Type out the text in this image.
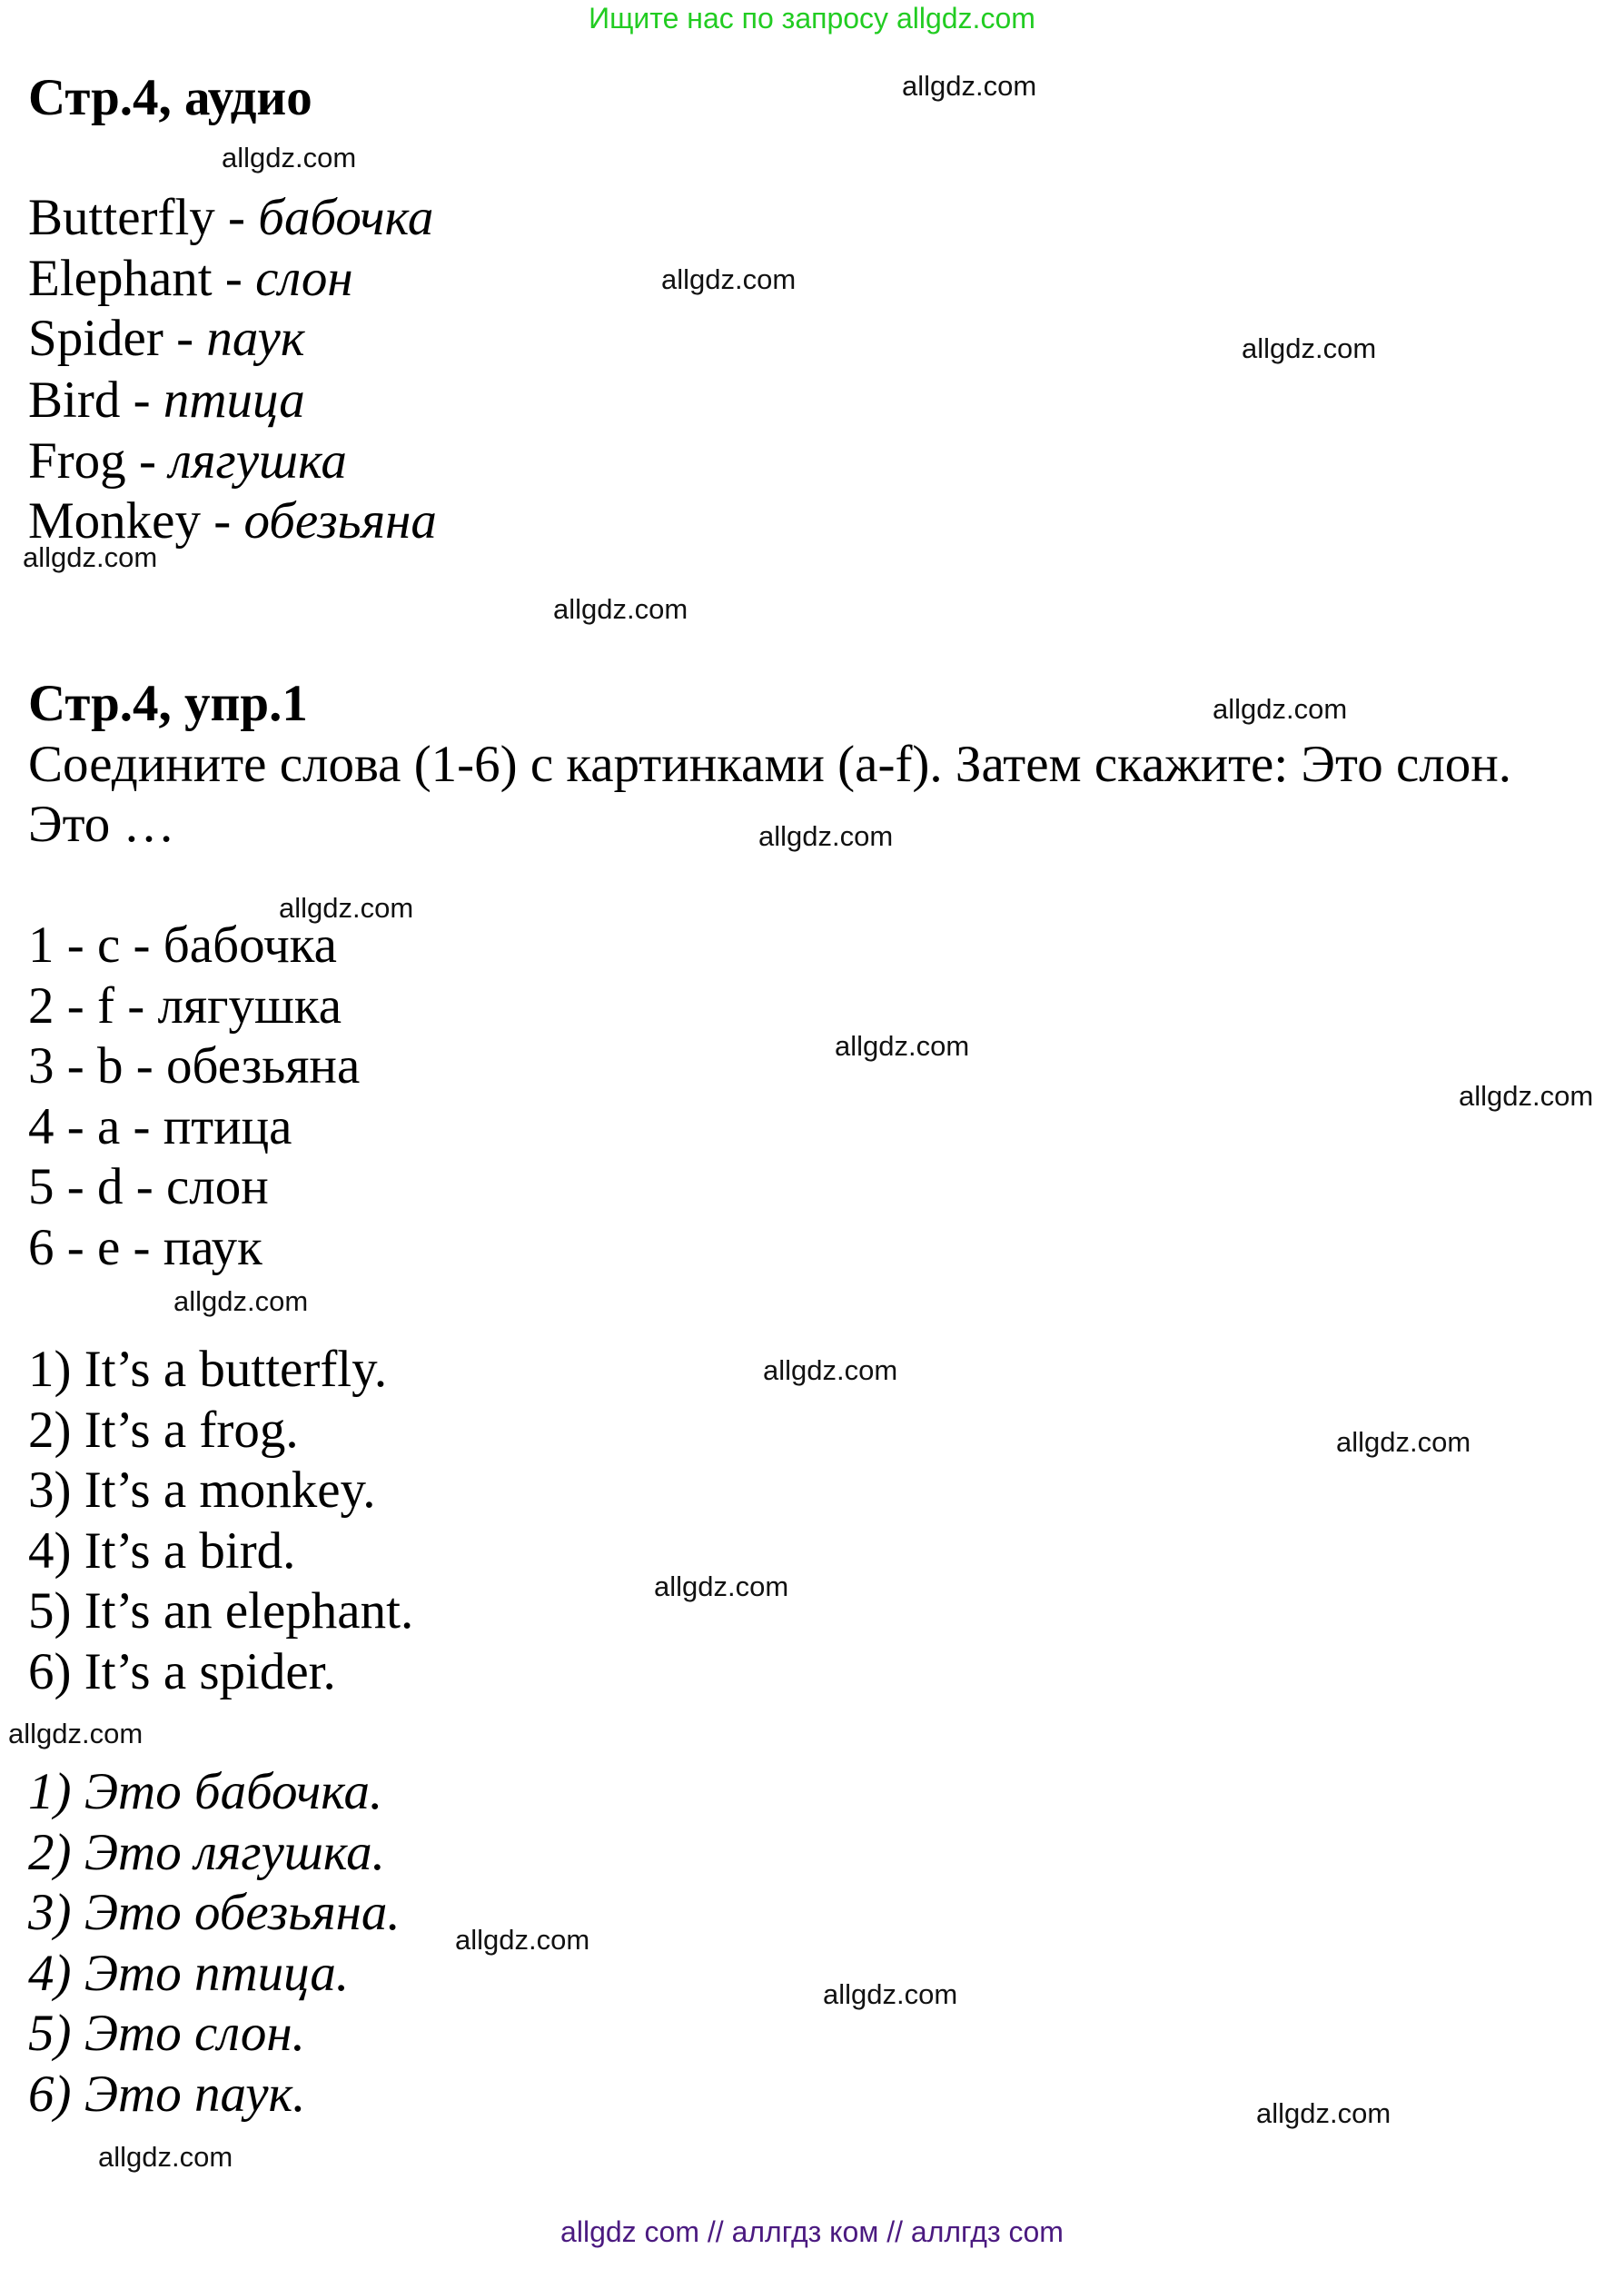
Ищите нас по запросу allgdz.com
Стр.4, аудио
Butterfly - бабочка
Elephant - слон
Spider - паук
Bird - птица
Frog - лягушка
Monkey - обезьяна
Стр.4, упр.1
Соедините слова (1-6) с картинками (a-f). Затем скажите: Это слон.
Это …
1 - c - бабочка
2 - f - лягушка
3 - b - обезьяна
4 - a - птица
5 - d - слон
6 - e - паук
1) It’s a butterfly.
2) It’s a frog.
3) It’s a monkey.
4) It’s a bird.
5) It’s an elephant.
6) It’s a spider.
1) Это бабочка.
2) Это лягушка.
3) Это обезьяна.
4) Это птица.
5) Это слон.
6) Это паук.
allgdz.com
allgdz.com
allgdz.com
allgdz.com
allgdz.com
allgdz.com
allgdz.com
allgdz.com
allgdz.com
allgdz.com
allgdz.com
allgdz.com
allgdz.com
allgdz.com
allgdz.com
allgdz.com
allgdz.com
allgdz.com
allgdz.com
allgdz.com
allgdz com // аллгдз ком // аллгдз com
